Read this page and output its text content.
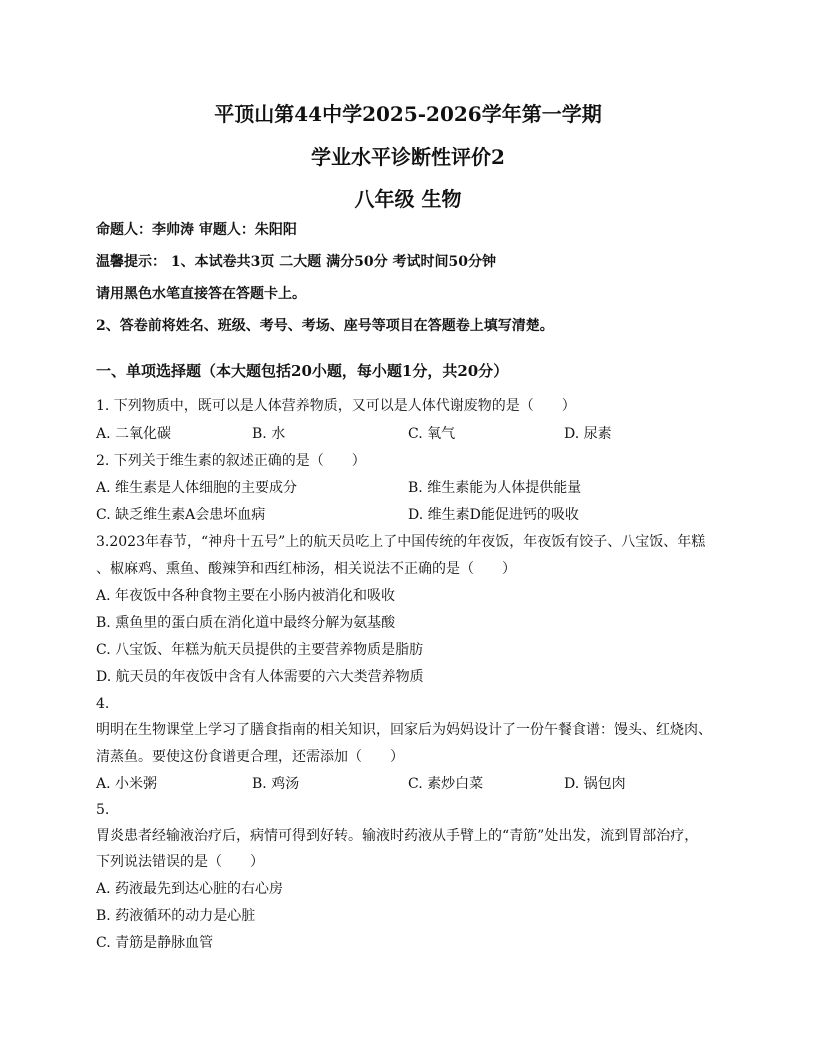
平顶山第44中学2025-2026学年第一学期
学业水平诊断性评价2
八年级 生物
命题人：李帅涛 审题人：朱阳阳
温馨提示： 1、本试卷共3页 二大题 满分50分 考试时间50分钟
请用黑色水笔直接答在答题卡上。
2、答卷前将姓名、班级、考号、考场、座号等项目在答题卷上填写清楚。
一、单项选择题（本大题包括20小题，每小题1分，共20分）
1. 下列物质中，既可以是人体营养物质，又可以是人体代谢废物的是（　　）
A. 二氧化碳	B. 水	C. 氧气	D. 尿素
2. 下列关于维生素的叙述正确的是（　　）
A. 维生素是人体细胞的主要成分	B. 维生素能为人体提供能量
C. 缺乏维生素A会患坏血病	D. 维生素D能促进钙的吸收
3.2023年春节，“神舟十五号”上的航天员吃上了中国传统的年夜饭，年夜饭有饺子、八宝饭、年糕
、椒麻鸡、熏鱼、酸辣笋和西红柿汤，相关说法不正确的是（　　）
A. 年夜饭中各种食物主要在小肠内被消化和吸收
B. 熏鱼里的蛋白质在消化道中最终分解为氨基酸
C. 八宝饭、年糕为航天员提供的主要营养物质是脂肪
D. 航天员的年夜饭中含有人体需要的六大类营养物质
4.
明明在生物课堂上学习了膳食指南的相关知识，回家后为妈妈设计了一份午餐食谱：馒头、红烧肉、
清蒸鱼。要使这份食谱更合理，还需添加（　　）
A. 小米粥	B. 鸡汤	C. 素炒白菜	D. 锅包肉
5.
胃炎患者经输液治疗后，病情可得到好转。输液时药液从手臂上的“青筋”处出发，流到胃部治疗，
下列说法错误的是（　　）
A. 药液最先到达心脏的右心房
B. 药液循环的动力是心脏
C. 青筋是静脉血管
